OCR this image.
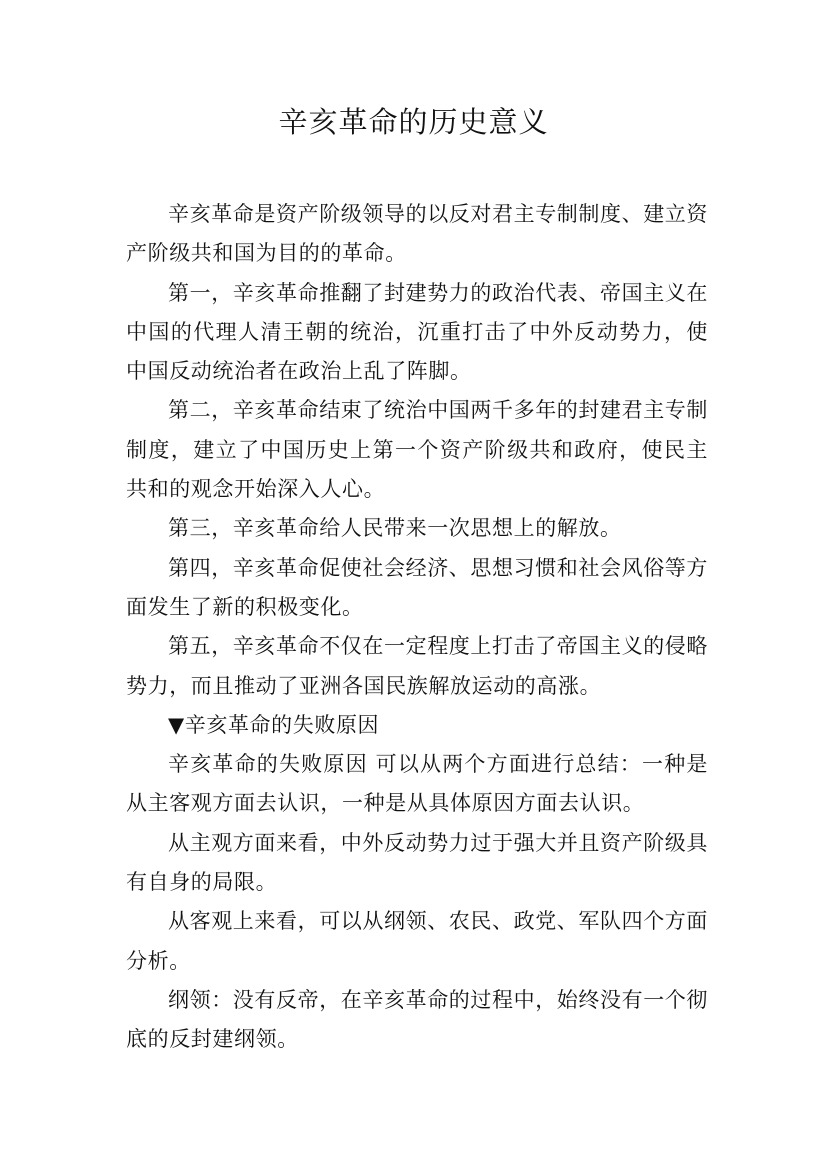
辛亥革命的历史意义

辛亥革命是资产阶级领导的以反对君主专制制度、建立资产阶级共和国为目的的革命。

第一，辛亥革命推翻了封建势力的政治代表、帝国主义在中国的代理人清王朝的统治，沉重打击了中外反动势力，使中国反动统治者在政治上乱了阵脚。

第二，辛亥革命结束了统治中国两千多年的封建君主专制制度，建立了中国历史上第一个资产阶级共和政府，使民主共和的观念开始深入人心。

第三，辛亥革命给人民带来一次思想上的解放。

第四，辛亥革命促使社会经济、思想习惯和社会风俗等方面发生了新的积极变化。

第五，辛亥革命不仅在一定程度上打击了帝国主义的侵略势力，而且推动了亚洲各国民族解放运动的高涨。

▼辛亥革命的失败原因

辛亥革命的失败原因 可以从两个方面进行总结：一种是从主客观方面去认识，一种是从具体原因方面去认识。

从主观方面来看，中外反动势力过于强大并且资产阶级具有自身的局限。

从客观上来看，可以从纲领、农民、政党、军队四个方面分析。

纲领：没有反帝，在辛亥革命的过程中，始终没有一个彻底的反封建纲领。
